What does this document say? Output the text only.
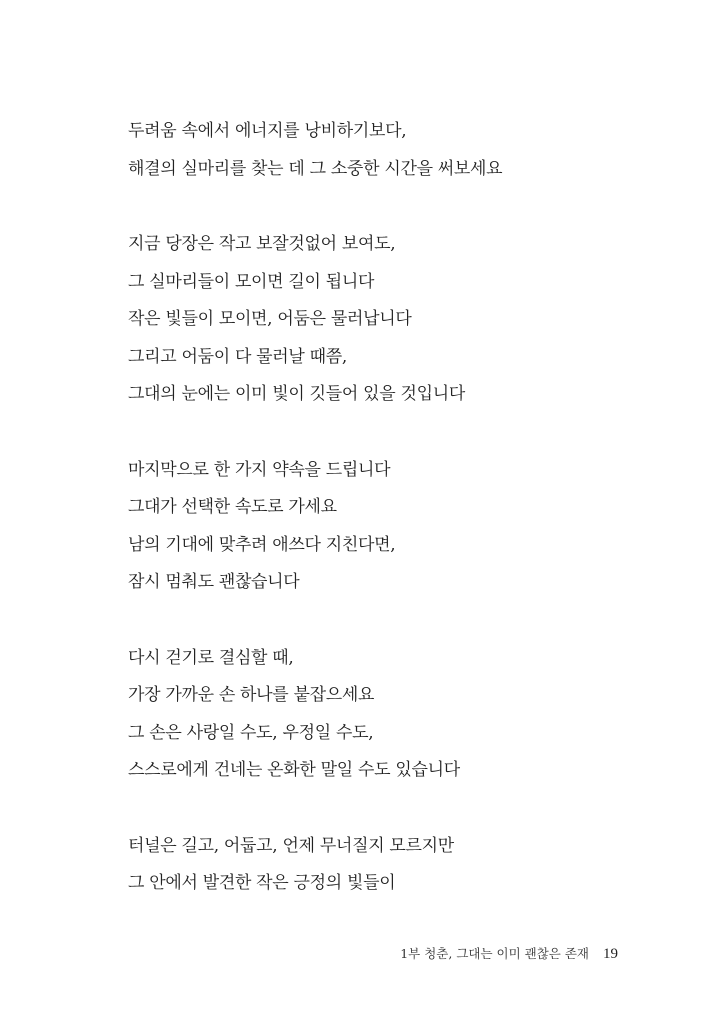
두려움 속에서 에너지를 낭비하기보다,
해결의 실마리를 찾는 데 그 소중한 시간을 써보세요
지금 당장은 작고 보잘것없어 보여도,
그 실마리들이 모이면 길이 됩니다
작은 빛들이 모이면, 어둠은 물러납니다
그리고 어둠이 다 물러날 때쯤,
그대의 눈에는 이미 빛이 깃들어 있을 것입니다
마지막으로 한 가지 약속을 드립니다
그대가 선택한 속도로 가세요
남의 기대에 맞추려 애쓰다 지친다면,
잠시 멈춰도 괜찮습니다
다시 걷기로 결심할 때,
가장 가까운 손 하나를 붙잡으세요
그 손은 사랑일 수도, 우정일 수도,
스스로에게 건네는 온화한 말일 수도 있습니다
터널은 길고, 어둡고, 언제 무너질지 모르지만
그 안에서 발견한 작은 긍정의 빛들이
1부 청춘, 그대는 이미 괜찮은 존재 19
